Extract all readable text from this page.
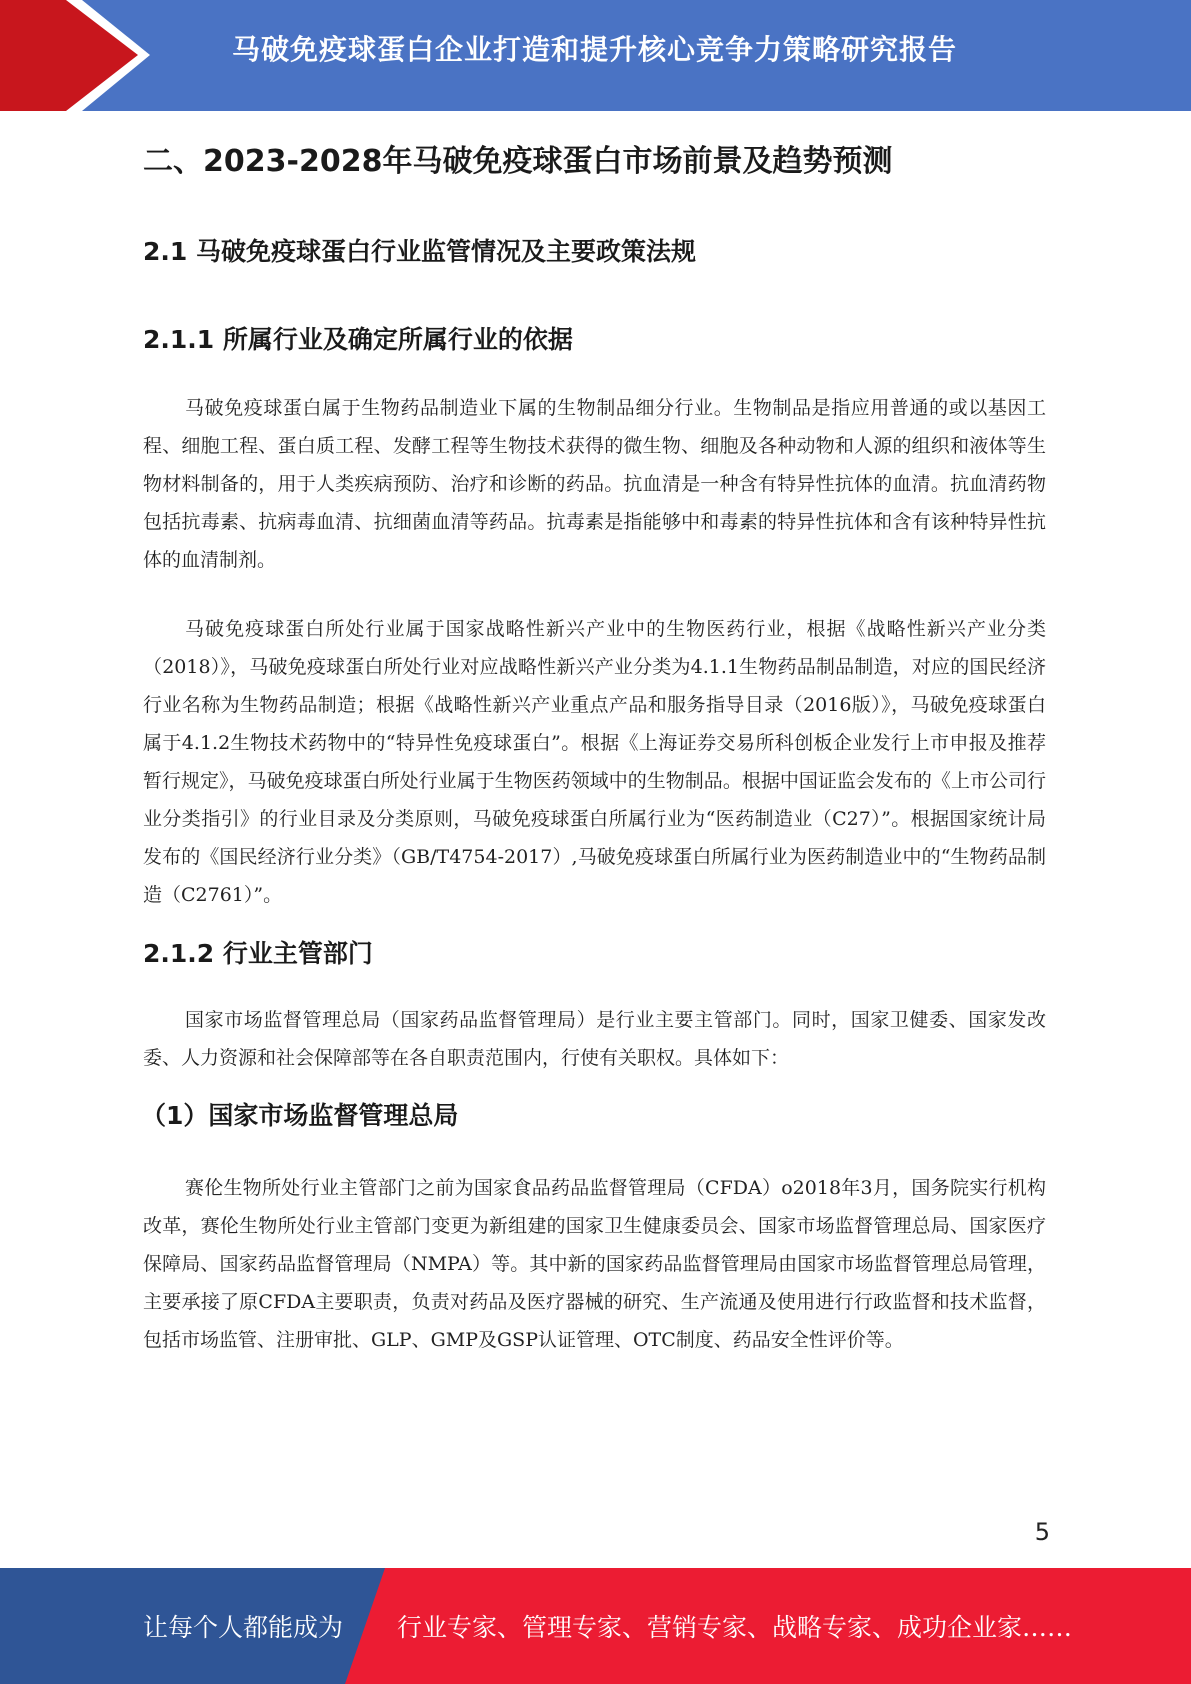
马破免疫球蛋白企业打造和提升核心竞争力策略研究报告
二、2023-2028年马破免疫球蛋白市场前景及趋势预测
2.1 马破免疫球蛋白行业监管情况及主要政策法规
2.1.1 所属行业及确定所属行业的依据

马破免疫球蛋白属于生物药品制造业下属的生物制品细分行业。生物制品是指应用普通的或以基因工程、细胞工程、蛋白质工程、发酵工程等生物技术获得的微生物、细胞及各种动物和人源的组织和液体等生物材料制备的，用于人类疾病预防、治疗和诊断的药品。抗血清是一种含有特异性抗体的血清。抗血清药物包括抗毒素、抗病毒血清、抗细菌血清等药品。抗毒素是指能够中和毒素的特异性抗体和含有该种特异性抗体的血清制剂。

马破免疫球蛋白所处行业属于国家战略性新兴产业中的生物医药行业，根据《战略性新兴产业分类（2018）》，马破免疫球蛋白所处行业对应战略性新兴产业分类为4.1.1生物药品制品制造，对应的国民经济行业名称为生物药品制造；根据《战略性新兴产业重点产品和服务指导目录（2016版）》，马破免疫球蛋白属于4.1.2生物技术药物中的“特异性免疫球蛋白”。根据《上海证券交易所科创板企业发行上市申报及推荐暂行规定》，马破免疫球蛋白所处行业属于生物医药领域中的生物制品。根据中国证监会发布的《上市公司行业分类指引》的行业目录及分类原则，马破免疫球蛋白所属行业为“医药制造业（C27）”。根据国家统计局发布的《国民经济行业分类》（GB/T4754-2017）,马破免疫球蛋白所属行业为医药制造业中的“生物药品制造（C2761）”。

2.1.2 行业主管部门

国家市场监督管理总局（国家药品监督管理局）是行业主要主管部门。同时，国家卫健委、国家发改委、人力资源和社会保障部等在各自职责范围内，行使有关职权。具体如下：

（1）国家市场监督管理总局

赛伦生物所处行业主管部门之前为国家食品药品监督管理局（CFDA）o2018年3月，国务院实行机构改革，赛伦生物所处行业主管部门变更为新组建的国家卫生健康委员会、国家市场监督管理总局、国家医疗保障局、国家药品监督管理局（NMPA）等。其中新的国家药品监督管理局由国家市场监督管理总局管理，主要承接了原CFDA主要职责，负责对药品及医疗器械的研究、生产流通及使用进行行政监督和技术监督，包括市场监管、注册审批、GLP、GMP及GSP认证管理、OTC制度、药品安全性评价等。

5
让每个人都能成为 行业专家、管理专家、营销专家、战略专家、成功企业家……
